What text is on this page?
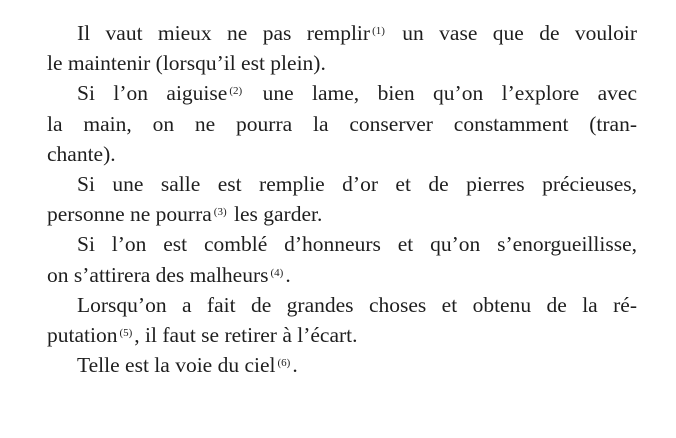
Il vaut mieux ne pas remplir $^{(1)}$ un vase que de vouloir
le maintenir (lorsqu’il est plein).
Si l’on aiguise $^{(2)}$ une lame, bien qu’on l’explore avec
la main, on ne pourra la conserver constamment (tran-
chante).
Si une salle est remplie d’or et de pierres précieuses,
personne ne pourra $^{(3)}$ les garder.
Si l’on est comblé d’honneurs et qu’on s’enorgueillisse,
on s’attirera des malheurs $^{(4)}$.
Lorsqu’on a fait de grandes choses et obtenu de la ré-
putation $^{(5)}$, il faut se retirer à l’écart.
Telle est la voie du ciel $^{(6)}$.
